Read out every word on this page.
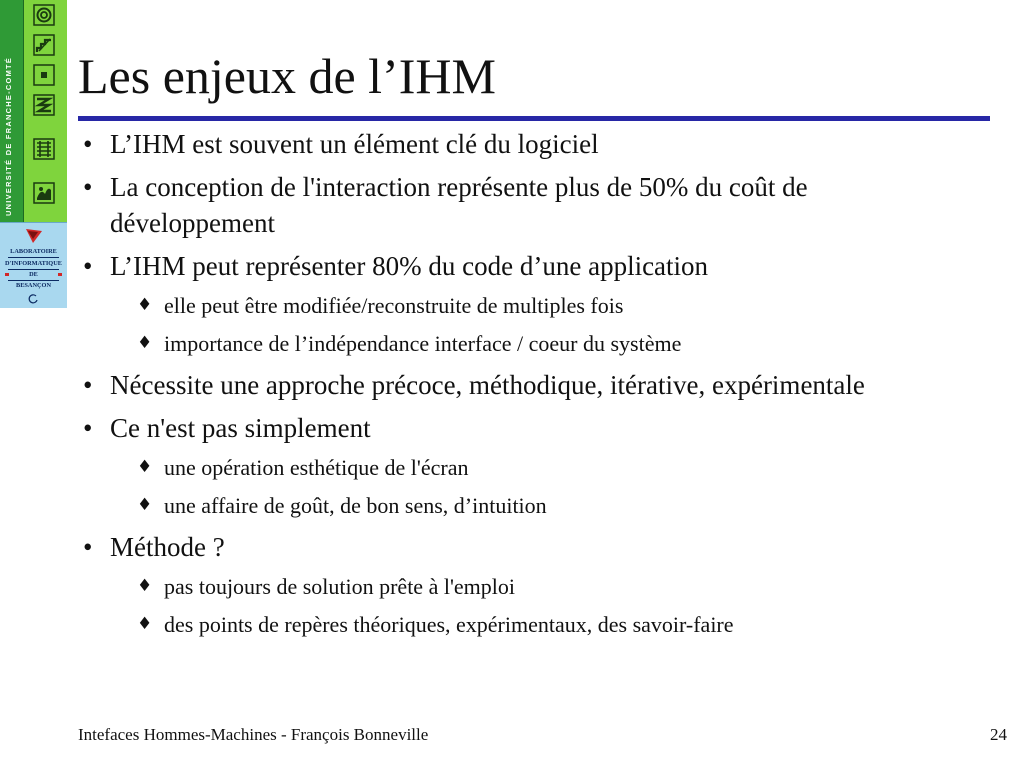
UNIVERSITÉ DE FRANCHE-COMTÉ
LABORATOIRE
D'INFORMATIQUE
DE
BESANÇON
Les enjeux de l’IHM
• L’IHM est souvent un élément clé du logiciel
• La conception de l'interaction représente plus de 50% du coût de développement
• L’IHM peut représenter 80% du code d’une application
♦ elle peut être modifiée/reconstruite de multiples fois
♦ importance de l’indépendance interface / coeur du système
• Nécessite une approche précoce, méthodique, itérative, expérimentale
• Ce n'est pas simplement
♦ une opération esthétique de l'écran
♦ une affaire de goût, de bon sens, d’intuition
• Méthode ?
♦ pas toujours de solution prête à l'emploi
♦ des points de repères théoriques, expérimentaux, des savoir-faire
Intefaces Hommes-Machines - François Bonneville	24
